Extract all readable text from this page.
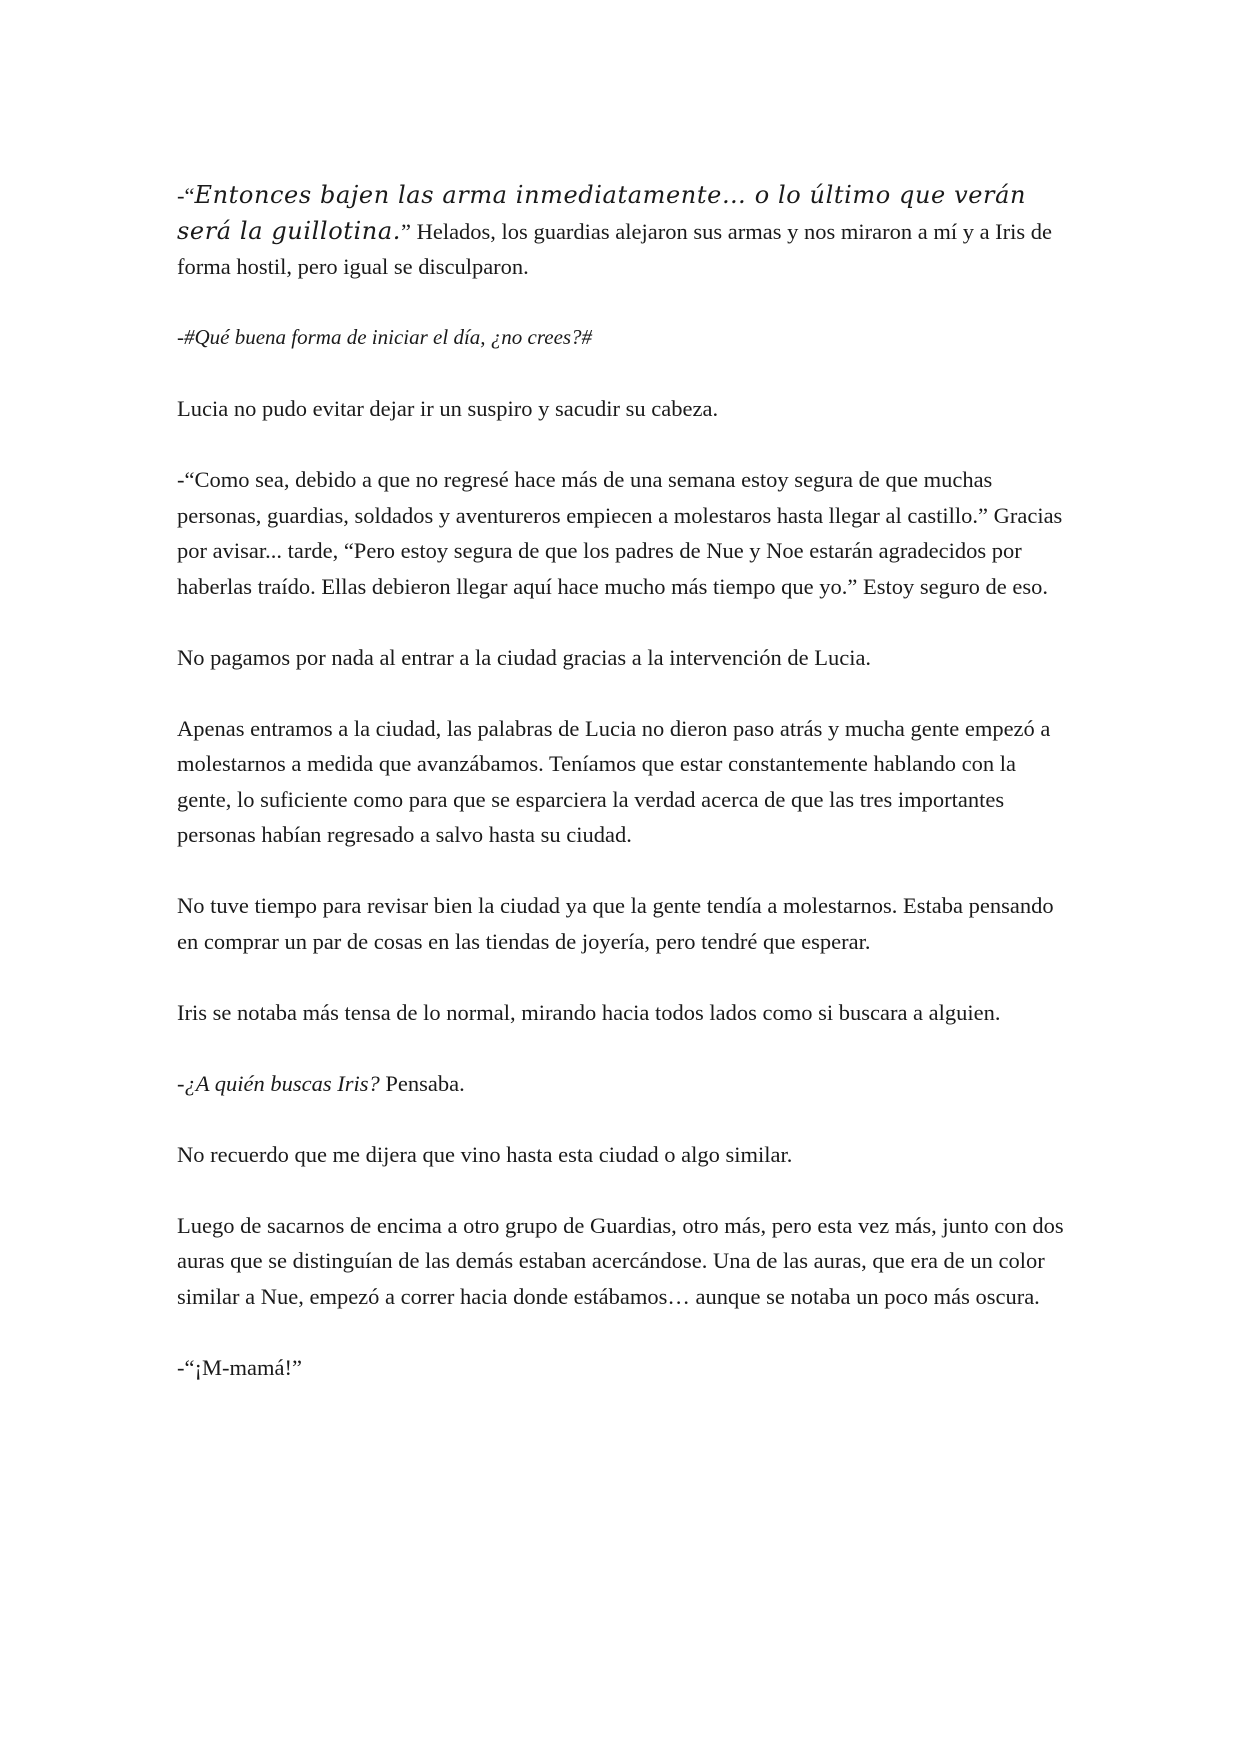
-“Entonces bajen las arma inmediatamente… o lo último que verán será la guillotina.” Helados, los guardias alejaron sus armas y nos miraron a mí y a Iris de forma hostil, pero igual se disculparon.

-#Qué buena forma de iniciar el día, ¿no crees?#

Lucia no pudo evitar dejar ir un suspiro y sacudir su cabeza.

-“Como sea, debido a que no regresé hace más de una semana estoy segura de que muchas personas, guardias, soldados y aventureros empiecen a molestaros hasta llegar al castillo.” Gracias por avisar... tarde, “Pero estoy segura de que los padres de Nue y Noe estarán agradecidos por haberlas traído. Ellas debieron llegar aquí hace mucho más tiempo que yo.” Estoy seguro de eso.

No pagamos por nada al entrar a la ciudad gracias a la intervención de Lucia.

Apenas entramos a la ciudad, las palabras de Lucia no dieron paso atrás y mucha gente empezó a molestarnos a medida que avanzábamos. Teníamos que estar constantemente hablando con la gente, lo suficiente como para que se esparciera la verdad acerca de que las tres importantes personas habían regresado a salvo hasta su ciudad.

No tuve tiempo para revisar bien la ciudad ya que la gente tendía a molestarnos. Estaba pensando en comprar un par de cosas en las tiendas de joyería, pero tendré que esperar.

Iris se notaba más tensa de lo normal, mirando hacia todos lados como si buscara a alguien.

-¿A quién buscas Iris? Pensaba.

No recuerdo que me dijera que vino hasta esta ciudad o algo similar.

Luego de sacarnos de encima a otro grupo de Guardias, otro más, pero esta vez más, junto con dos auras que se distinguían de las demás estaban acercándose. Una de las auras, que era de un color similar a Nue, empezó a correr hacia donde estábamos… aunque se notaba un poco más oscura.

-“¡M-mamá!”
